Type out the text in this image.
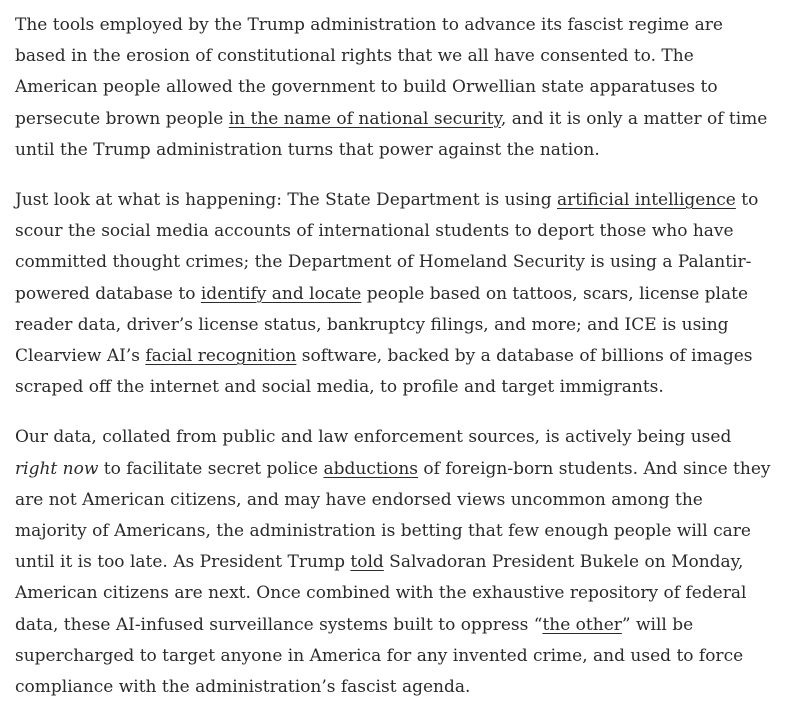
The tools employed by the Trump administration to advance its fascist regime are based in the erosion of constitutional rights that we all have consented to. The American people allowed the government to build Orwellian state apparatuses to persecute brown people in the name of national security, and it is only a matter of time until the Trump administration turns that power against the nation.

Just look at what is happening: The State Department is using artificial intelligence to scour the social media accounts of international students to deport those who have committed thought crimes; the Department of Homeland Security is using a Palantir-powered database to identify and locate people based on tattoos, scars, license plate reader data, driver’s license status, bankruptcy filings, and more; and ICE is using Clearview AI’s facial recognition software, backed by a database of billions of images scraped off the internet and social media, to profile and target immigrants.

Our data, collated from public and law enforcement sources, is actively being used right now to facilitate secret police abductions of foreign-born students. And since they are not American citizens, and may have endorsed views uncommon among the majority of Americans, the administration is betting that few enough people will care until it is too late. As President Trump told Salvadoran President Bukele on Monday, American citizens are next. Once combined with the exhaustive repository of federal data, these AI-infused surveillance systems built to oppress “the other” will be supercharged to target anyone in America for any invented crime, and used to force compliance with the administration’s fascist agenda.
